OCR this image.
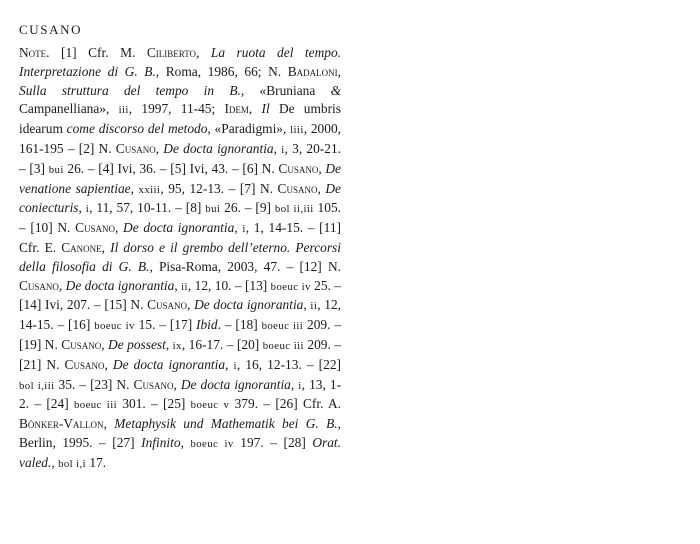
CUSANO
Note. [1] Cfr. M. Ciliberto, La ruota del tempo. Interpretazione di G. B., Roma, 1986, 66; N. Badaloni, Sulla struttura del tempo in B., «Bruniana & Campanelliana», iii, 1997, 11-45; Idem, Il De umbris idearum come discorso del metodo, «Paradigmi», liii, 2000, 161-195 – [2] N. Cusano, De docta ignorantia, i, 3, 20-21. – [3] bui 26. – [4] Ivi, 36. – [5] Ivi, 43. – [6] N. Cusano, De venatione sapientiae, xxiii, 95, 12-13. – [7] N. Cusano, De coniecturis, i, 11, 57, 10-11. – [8] bui 26. – [9] bol ii,iii 105. – [10] N. Cusano, De docta ignorantia, i, 1, 14-15. – [11] Cfr. E. Canone, Il dorso e il grembo dell’eterno. Percorsi della filosofia di G. B., Pisa-Roma, 2003, 47. – [12] N. Cusano, De docta ignorantia, ii, 12, 10. – [13] boeuc iv 25. – [14] Ivi, 207. – [15] N. Cusano, De docta ignorantia, ii, 12, 14-15. – [16] boeuc iv 15. – [17] Ibid. – [18] boeuc iii 209. – [19] N. Cusano, De possest, ix, 16-17. – [20] boeuc iii 209. – [21] N. Cusano, De docta ignorantia, i, 16, 12-13. – [22] bol i,iii 35. – [23] N. Cusano, De docta ignorantia, i, 13, 1-2. – [24] boeuc iii 301. – [25] boeuc v 379. – [26] Cfr. A. Bönker-Vallon, Metaphysik und Mathematik bei G. B., Berlin, 1995. – [27] Infinito, boeuc iv 197. – [28] Orat. valed., bol i,i 17.
